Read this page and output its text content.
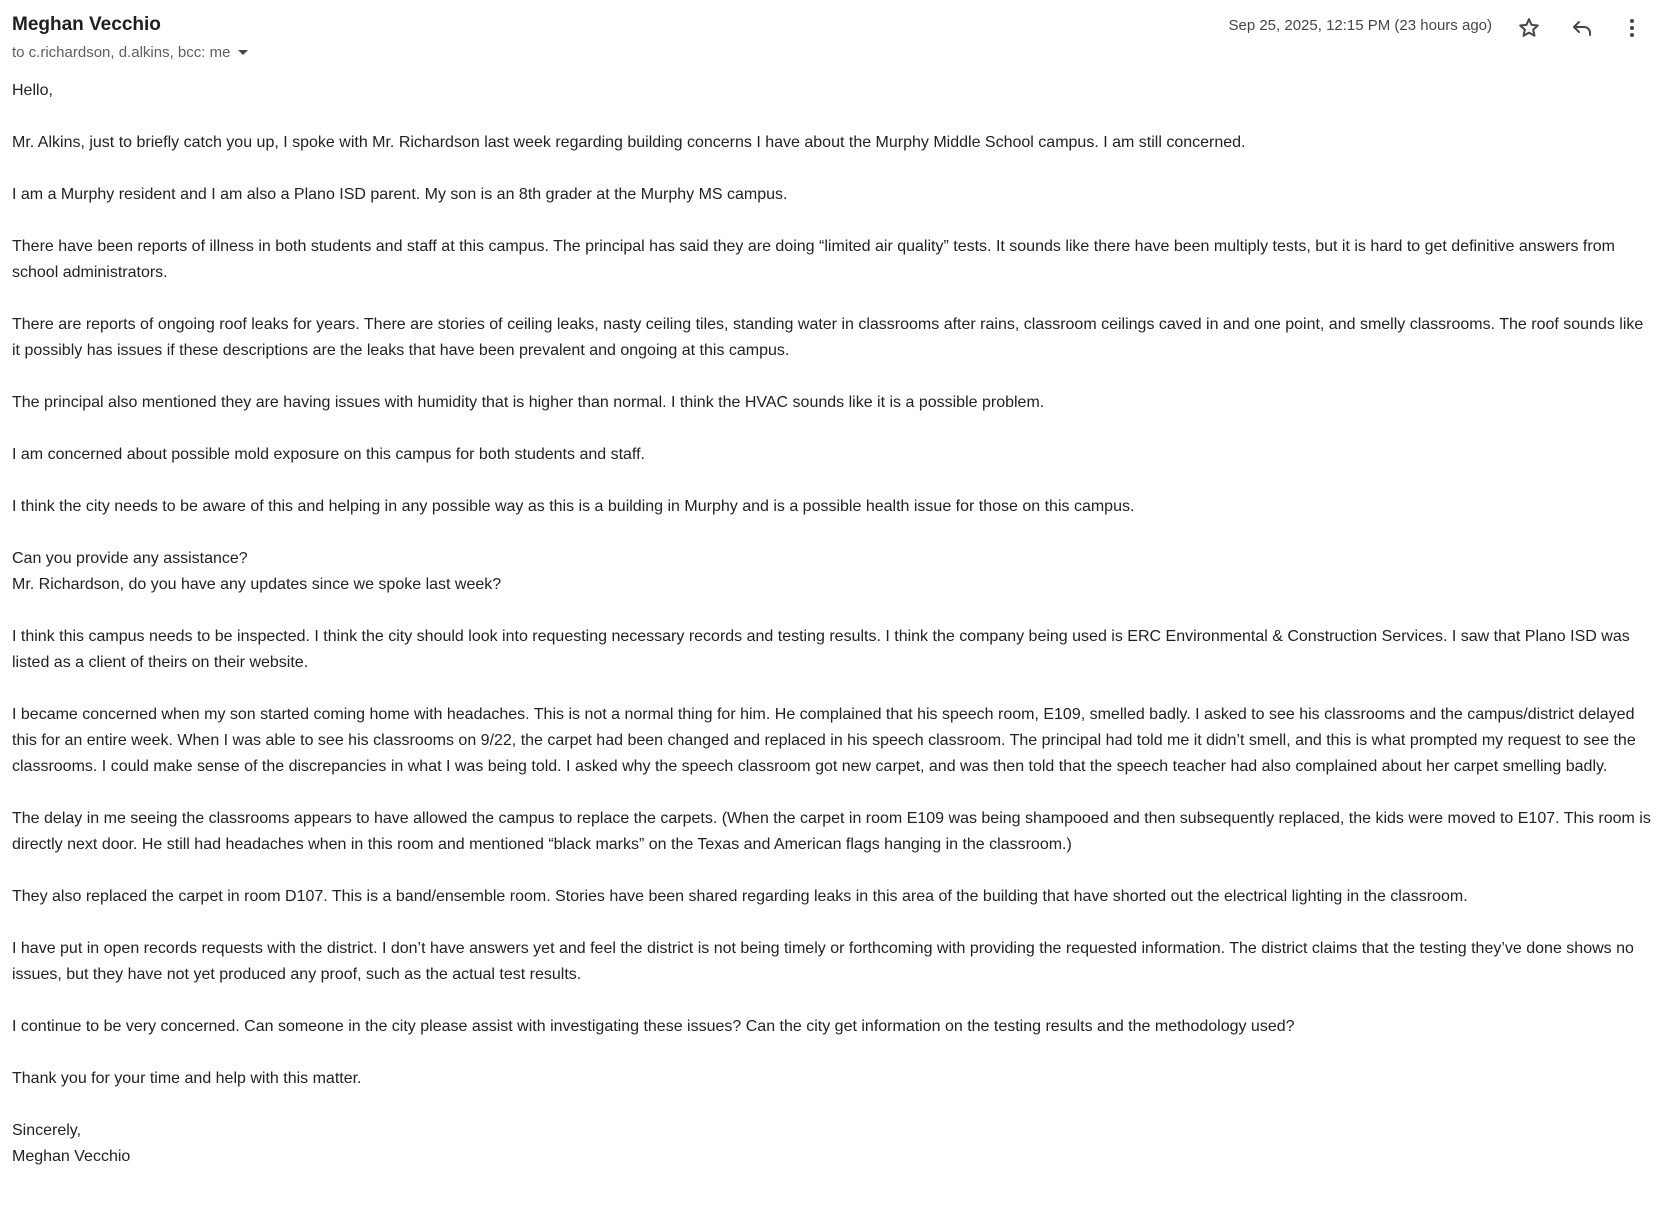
Meghan Vecchio
to c.richardson, d.alkins, bcc: me
Sep 25, 2025, 12:15 PM (23 hours ago)

Hello,

Mr. Alkins, just to briefly catch you up, I spoke with Mr. Richardson last week regarding building concerns I have about the Murphy Middle School campus. I am still concerned.

I am a Murphy resident and I am also a Plano ISD parent. My son is an 8th grader at the Murphy MS campus.

There have been reports of illness in both students and staff at this campus. The principal has said they are doing “limited air quality” tests. It sounds like there have been multiply tests, but it is hard to get definitive answers from school administrators.

There are reports of ongoing roof leaks for years. There are stories of ceiling leaks, nasty ceiling tiles, standing water in classrooms after rains, classroom ceilings caved in and one point, and smelly classrooms. The roof sounds like it possibly has issues if these descriptions are the leaks that have been prevalent and ongoing at this campus.

The principal also mentioned they are having issues with humidity that is higher than normal. I think the HVAC sounds like it is a possible problem.

I am concerned about possible mold exposure on this campus for both students and staff.

I think the city needs to be aware of this and helping in any possible way as this is a building in Murphy and is a possible health issue for those on this campus.

Can you provide any assistance?

Mr. Richardson, do you have any updates since we spoke last week?

I think this campus needs to be inspected. I think the city should look into requesting necessary records and testing results. I think the company being used is ERC Environmental & Construction Services. I saw that Plano ISD was listed as a client of theirs on their website.

I became concerned when my son started coming home with headaches. This is not a normal thing for him. He complained that his speech room, E109, smelled badly. I asked to see his classrooms and the campus/district delayed this for an entire week. When I was able to see his classrooms on 9/22, the carpet had been changed and replaced in his speech classroom. The principal had told me it didn’t smell, and this is what prompted my request to see the classrooms. I could make sense of the discrepancies in what I was being told. I asked why the speech classroom got new carpet, and was then told that the speech teacher had also complained about her carpet smelling badly.

The delay in me seeing the classrooms appears to have allowed the campus to replace the carpets. (When the carpet in room E109 was being shampooed and then subsequently replaced, the kids were moved to E107. This room is directly next door. He still had headaches when in this room and mentioned “black marks” on the Texas and American flags hanging in the classroom.)

They also replaced the carpet in room D107. This is a band/ensemble room. Stories have been shared regarding leaks in this area of the building that have shorted out the electrical lighting in the classroom.

I have put in open records requests with the district. I don’t have answers yet and feel the district is not being timely or forthcoming with providing the requested information. The district claims that the testing they’ve done shows no issues, but they have not yet produced any proof, such as the actual test results.

I continue to be very concerned. Can someone in the city please assist with investigating these issues? Can the city get information on the testing results and the methodology used?

Thank you for your time and help with this matter.

Sincerely,

Meghan Vecchio
